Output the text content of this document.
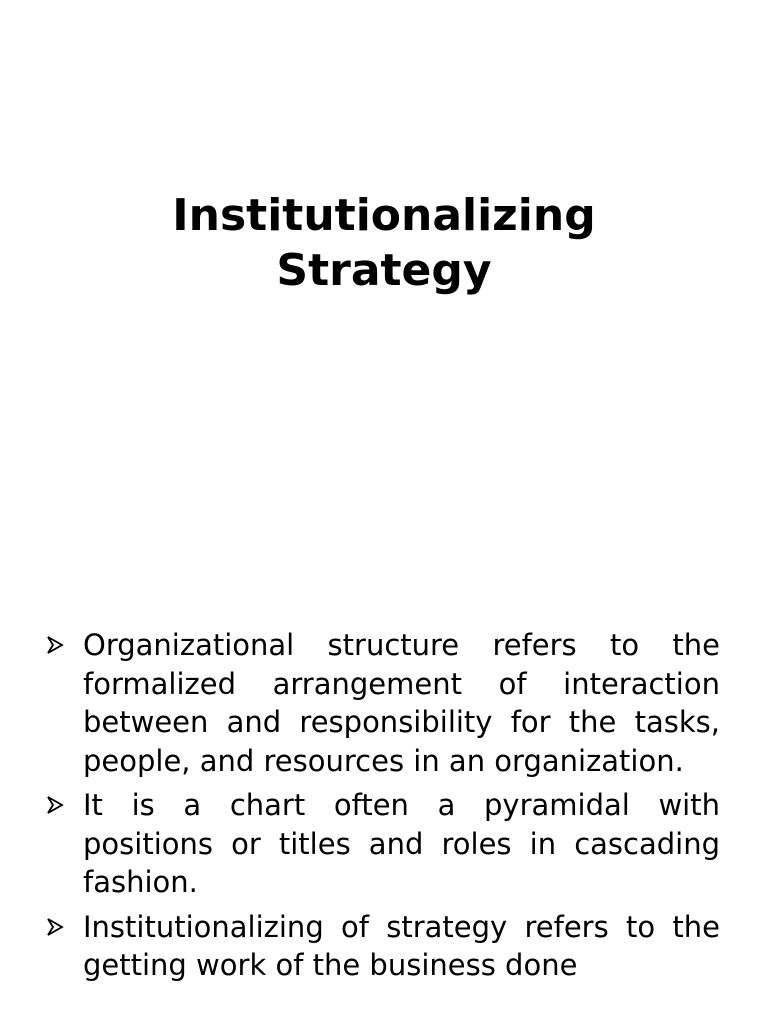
Institutionalizing
Strategy
Organizational structure refers to the formalized arrangement of interaction between and responsibility for the tasks, people, and resources in an organization.
It is a chart often a pyramidal with positions or titles and roles in cascading fashion.
Institutionalizing of strategy refers to the getting work of the business done
